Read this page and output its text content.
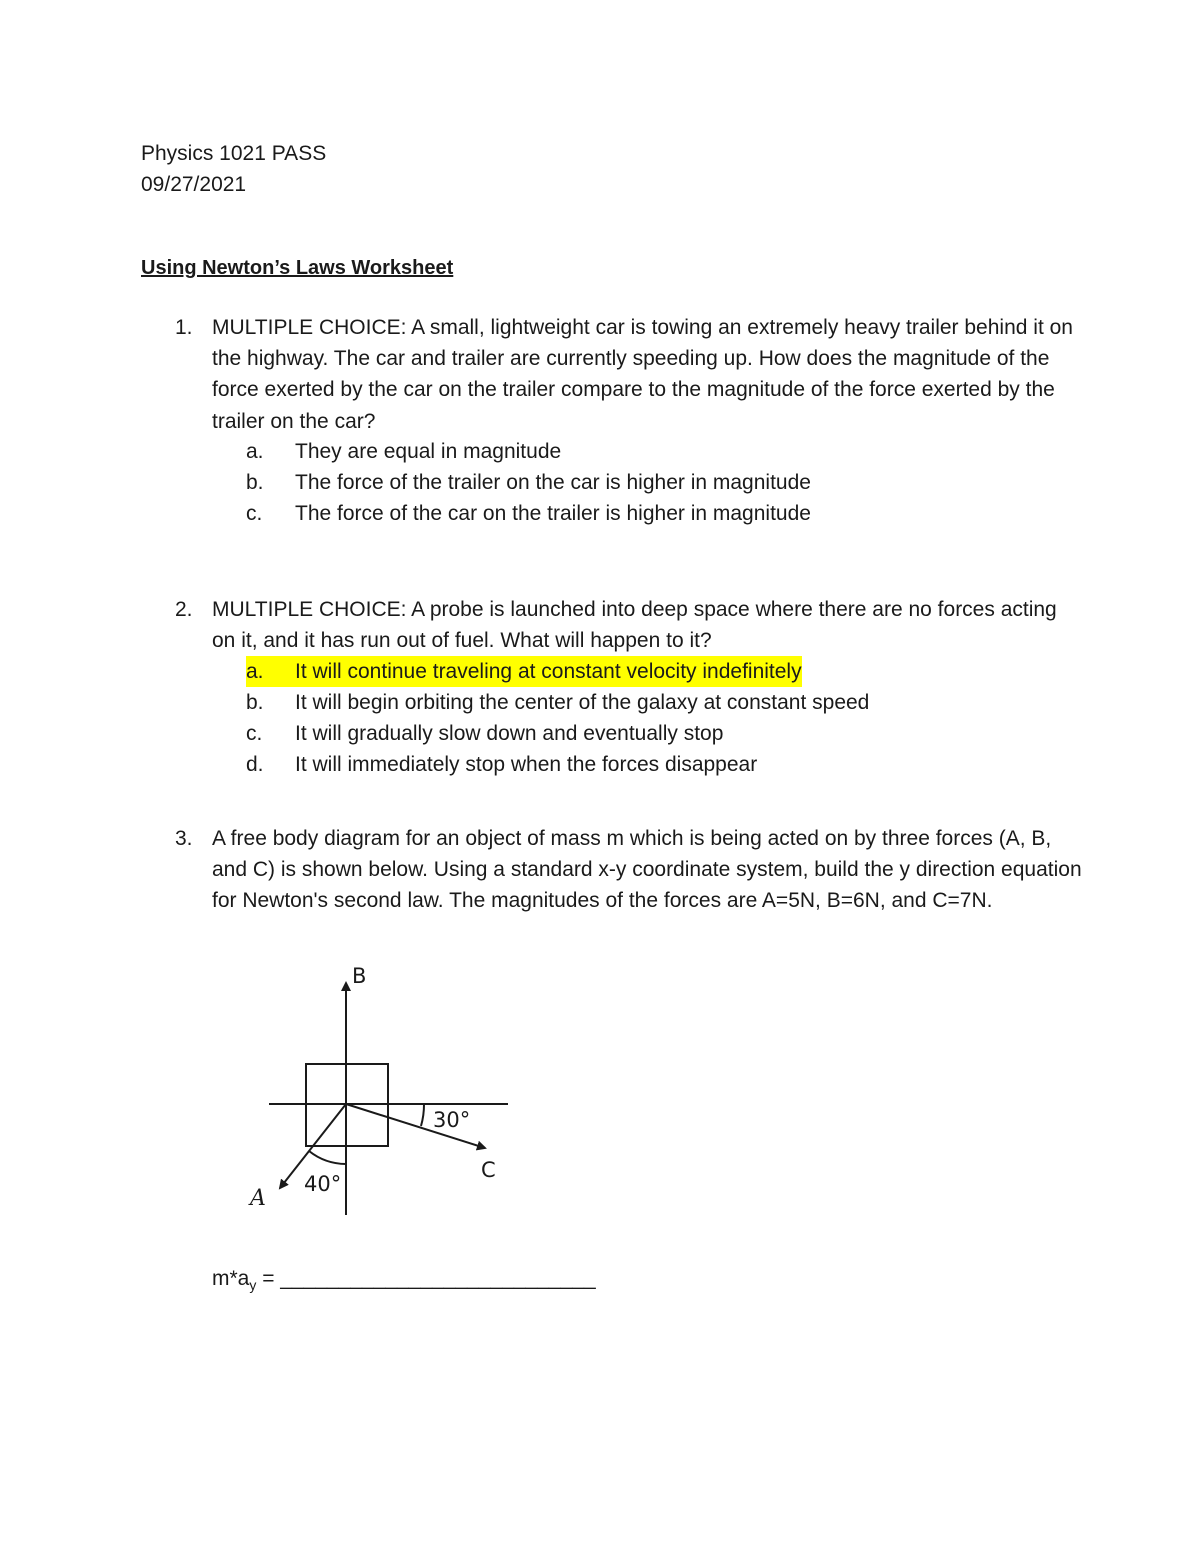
Physics 1021 PASS
09/27/2021
Using Newton’s Laws Worksheet
1. MULTIPLE CHOICE: A small, lightweight car is towing an extremely heavy trailer behind it on the highway. The car and trailer are currently speeding up. How does the magnitude of the force exerted by the car on the trailer compare to the magnitude of the force exerted by the trailer on the car?
a. They are equal in magnitude
b. The force of the trailer on the car is higher in magnitude
c. The force of the car on the trailer is higher in magnitude
2. MULTIPLE CHOICE: A probe is launched into deep space where there are no forces acting on it, and it has run out of fuel. What will happen to it?
a. It will continue traveling at constant velocity indefinitely
b. It will begin orbiting the center of the galaxy at constant speed
c. It will gradually slow down and eventually stop
d. It will immediately stop when the forces disappear
3. A free body diagram for an object of mass m which is being acted on by three forces (A, B, and C) is shown below. Using a standard x-y coordinate system, build the y direction equation for Newton's second law. The magnitudes of the forces are A=5N, B=6N, and C=7N.
B
C
A
30°
40°
$m*a_y$ = ___________________________
